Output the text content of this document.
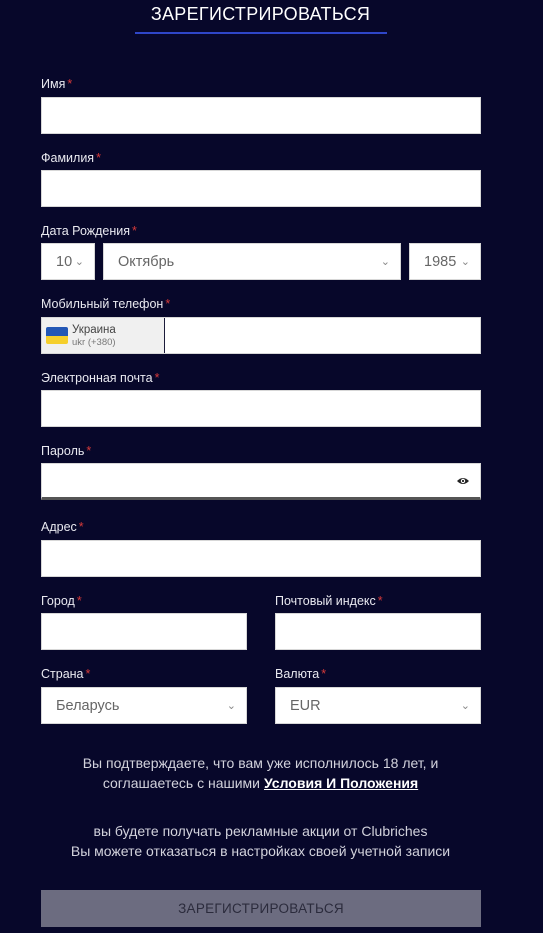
ЗАРЕГИСТРИРОВАТЬСЯ
Имя *
Фамилия *
Дата Рождения *
10 ⌄ Октябрь	⌄ 1985 ⌄
Мобильный телефон *
Украина
ukr (+380)
Электронная почта *
Пароль *
Адрес *
Город *	Почтовый индекс *
Страна *
Беларусь	⌄
Валюта *
EUR	⌄
Вы подтверждаете, что вам уже исполнилось 18 лет, и
соглашаетесь с нашими Условия И Положения
вы будете получать рекламные акции от Clubriches
Вы можете отказаться в настройках своей учетной записи
ЗАРЕГИСТРИРОВАТЬСЯ
